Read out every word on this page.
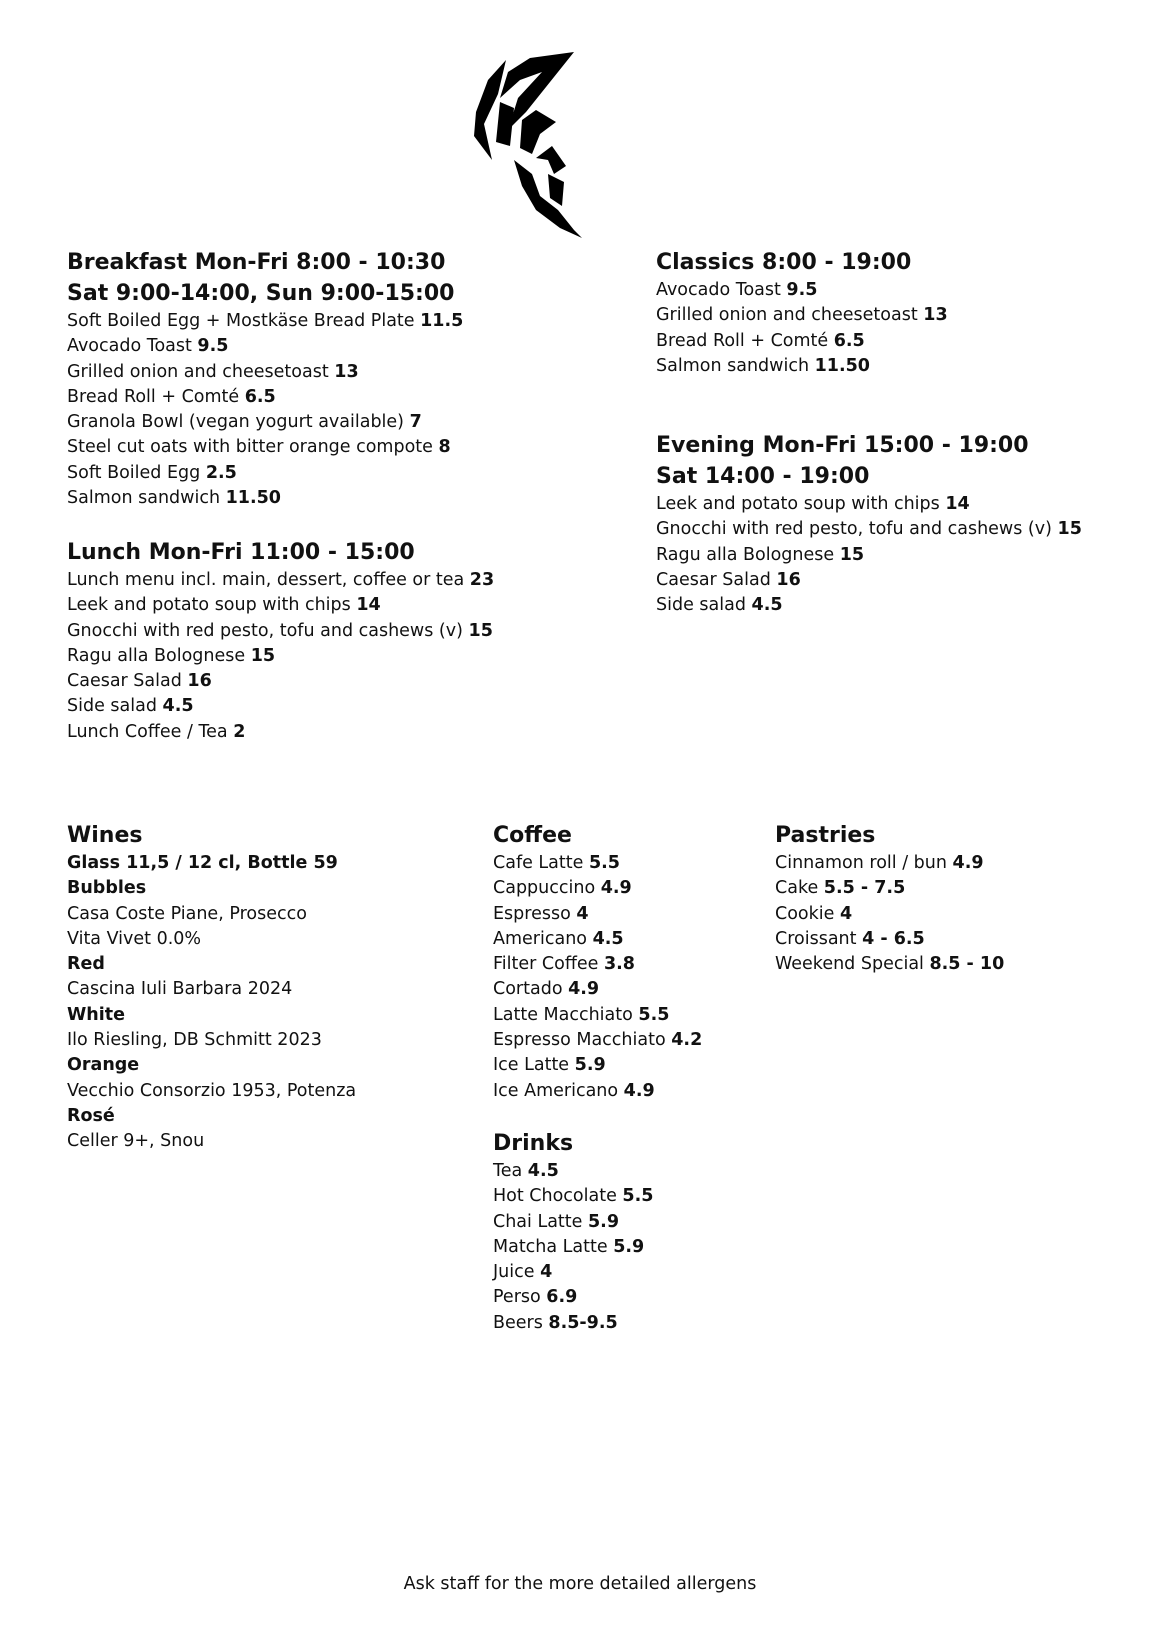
Breakfast Mon-Fri 8:00 - 10:30
Sat 9:00-14:00, Sun 9:00-15:00
Soft Boiled Egg + Mostkäse Bread Plate 11.5
Avocado Toast 9.5
Grilled onion and cheesetoast 13
Bread Roll + Comté 6.5
Granola Bowl (vegan yogurt available) 7
Steel cut oats with bitter orange compote 8
Soft Boiled Egg 2.5
Salmon sandwich 11.50
Lunch Mon-Fri 11:00 - 15:00
Lunch menu incl. main, dessert, coffee or tea 23
Leek and potato soup with chips 14
Gnocchi with red pesto, tofu and cashews (v) 15
Ragu alla Bolognese 15
Caesar Salad 16
Side salad 4.5
Lunch Coffee / Tea 2
Classics 8:00 - 19:00
Avocado Toast 9.5
Grilled onion and cheesetoast 13
Bread Roll + Comté 6.5
Salmon sandwich 11.50
Evening Mon-Fri 15:00 - 19:00
Sat 14:00 - 19:00
Leek and potato soup with chips 14
Gnocchi with red pesto, tofu and cashews (v) 15
Ragu alla Bolognese 15
Caesar Salad 16
Side salad 4.5
Wines
Glass 11,5 / 12 cl, Bottle 59
Bubbles
Casa Coste Piane, Prosecco
Vita Vivet 0.0%
Red
Cascina Iuli Barbara 2024
White
Ilo Riesling, DB Schmitt 2023
Orange
Vecchio Consorzio 1953, Potenza
Rosé
Celler 9+, Snou
Coffee
Cafe Latte 5.5
Cappuccino 4.9
Espresso 4
Americano 4.5
Filter Coffee 3.8
Cortado 4.9
Latte Macchiato 5.5
Espresso Macchiato 4.2
Ice Latte 5.9
Ice Americano 4.9
Drinks
Tea 4.5
Hot Chocolate 5.5
Chai Latte 5.9
Matcha Latte 5.9
Juice 4
Perso 6.9
Beers 8.5-9.5
Pastries
Cinnamon roll / bun 4.9
Cake 5.5 - 7.5
Cookie 4
Croissant 4 - 6.5
Weekend Special 8.5 - 10
Ask staff for the more detailed allergens
